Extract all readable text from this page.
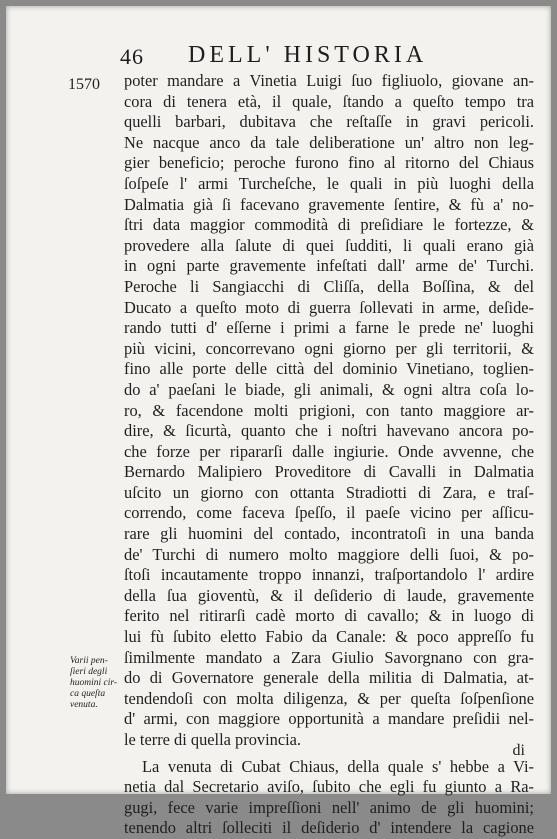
46 DELL' HISTORIA
1570 poter mandare a Vinetia Luigi ſuo figliuolo, giovane an-
cora di tenera età, il quale, ſtando a queſto tempo tra
quelli barbari, dubitava che reſtaſſe in gravi pericoli.
Ne nacque anco da tale deliberatione un' altro non leg-
gier beneficio; peroche furono fino al ritorno del Chiaus
ſoſpeſe l' armi Turcheſche, le quali in più luoghi della
Dalmatia già ſi facevano gravemente ſentire, & fù a' no-
ſtri data maggior commodità di preſidiare le fortezze, &
provedere alla ſalute di quei ſudditi, li quali erano già
in ogni parte gravemente infeſtati dall' arme de' Turchi.
Peroche li Sangiacchi di Cliſſa, della Boſſina, & del
Ducato a queſto moto di guerra ſollevati in arme, deſide-
rando tutti d' eſſerne i primi a farne le prede ne' luoghi
più vicini, concorrevano ogni giorno per gli territorii, &
fino alle porte delle città del dominio Vinetiano, toglien-
do a' paeſani le biade, gli animali, & ogni altra coſa lo-
ro, & facendone molti prigioni, con tanto maggiore ar-
dire, & ſicurtà, quanto che i noſtri havevano ancora po-
che forze per ripararſi dalle ingiurie. Onde avvenne, che
Bernardo Malipiero Proveditore di Cavalli in Dalmatia
uſcito un giorno con ottanta Stradiotti di Zara, e traſ-
correndo, come faceva ſpeſſo, il paeſe vicino per aſſicu-
rare gli huomini del contado, incontratoſi in una banda
de' Turchi di numero molto maggiore delli ſuoi, & po-
ſtoſi incautamente troppo innanzi, traſportandolo l' ardire
della ſua gioventù, & il deſiderio di laude, gravemente
ferito nel ritirarſi cadè morto di cavallo; & in luogo di
lui fù ſubito eletto Fabio da Canale: & poco appreſſo fu
ſimilmente mandato a Zara Giulio Savorgnano con gra-
do di Governatore generale della militia di Dalmatia, at-
tendendoſi con molta diligenza, & per queſta ſoſpenſione
d' armi, con maggiore opportunità a mandare preſidii nel-
le terre di quella provincia.
La venuta di Cubat Chiaus, della quale s' hebbe a Vi-
netia dal Secretario aviſo, ſubito che egli fu giunto a Ra-
gugi, fece varie impreſſioni nell' animo de gli huomini;
tenendo altri ſolleciti il deſiderio d' intendere la cagione
Varii pen-
ſieri degli
huomini cir-
ca queſta
venuta.
di
